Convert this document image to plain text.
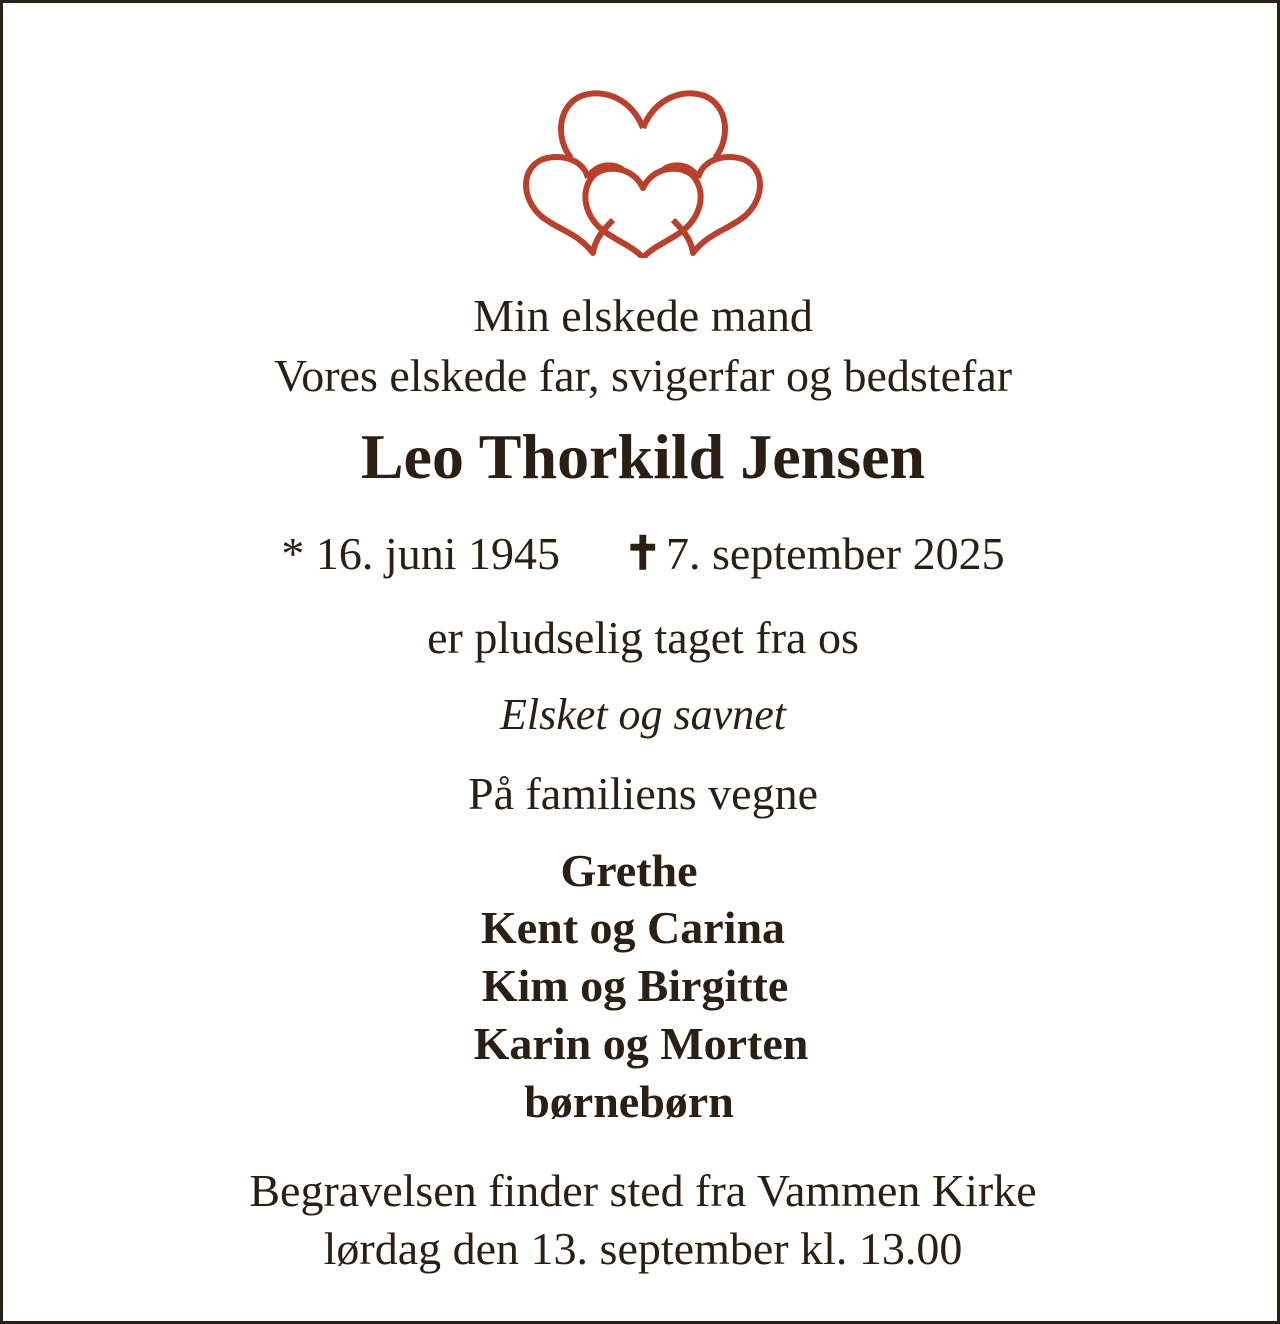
Min elskede mand
Vores elskede far, svigerfar og bedstefar
Leo Thorkild Jensen
* 16. juni 1945 ✝7. september 2025
er pludselig taget fra os
Elsket og savnet
På familiens vegne
Grethe
Kent og Carina
Kim og Birgitte
Karin og Morten
børnebørn
Begravelsen finder sted fra Vammen Kirke
lørdag den 13. september kl. 13.00
